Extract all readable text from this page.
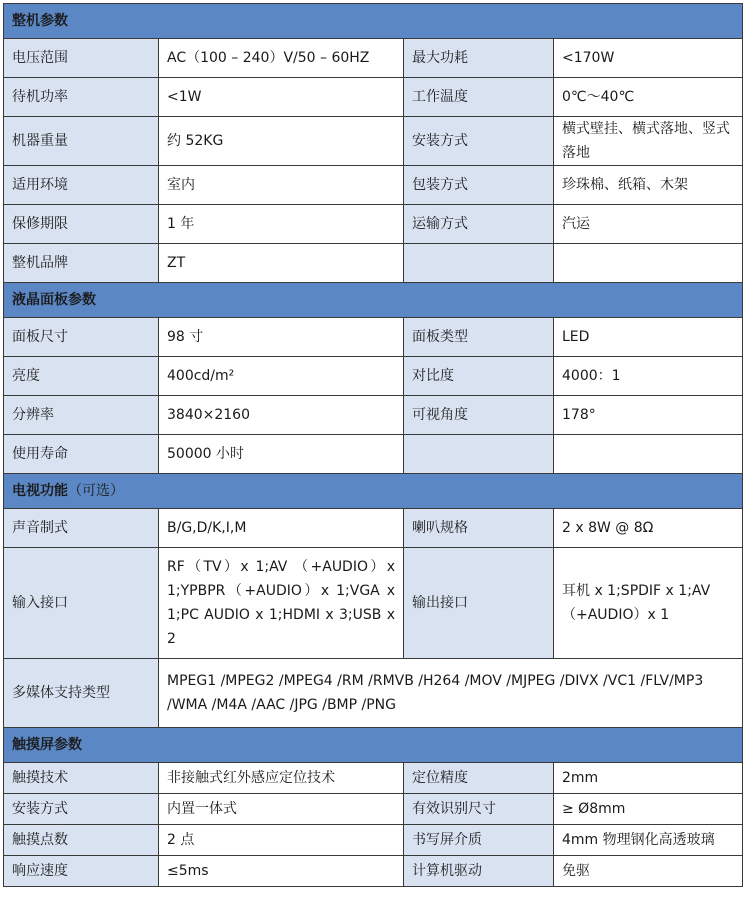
整机参数			
电压范围	AC（100 – 240）V/50 – 60HZ	最大功耗	<170W
待机功率	<1W	工作温度	0℃～40℃
机器重量	约 52KG	安装方式	横式壁挂、横式落地、竖式落地
适用环境	室内	包装方式	珍珠棉、纸箱、木架
保修期限	1 年	运输方式	汽运
整机品牌	ZT		
液晶面板参数			
面板尺寸	98 寸	面板类型	LED
亮度	400cd/m²	对比度	4000：1
分辨率	3840×2160	可视角度	178°
使用寿命	50000 小时		
电视功能（可选）			
声音制式	B/G,D/K,I,M	喇叭规格	2 x 8W @ 8Ω
输入接口	RF（TV）x 1;AV （+AUDIO）x 1;YPBPR（+AUDIO）x 1;VGA x 1;PC AUDIO x 1;HDMI x 3;USB x 2	输出接口	耳机 x 1;SPDIF x 1;AV（+AUDIO）x 1
多媒体支持类型	MPEG1 /MPEG2 /MPEG4 /RM /RMVB /H264 /MOV /MJPEG /DIVX /VC1 /FLV/MP3 /WMA /M4A /AAC /JPG /BMP /PNG		
触摸屏参数			
触摸技术	非接触式红外感应定位技术	定位精度	2mm
安装方式	内置一体式	有效识别尺寸	≥ Ø8mm
触摸点数	2 点	书写屏介质	4mm 物理钢化高透玻璃
响应速度	≤5ms	计算机驱动	免驱
